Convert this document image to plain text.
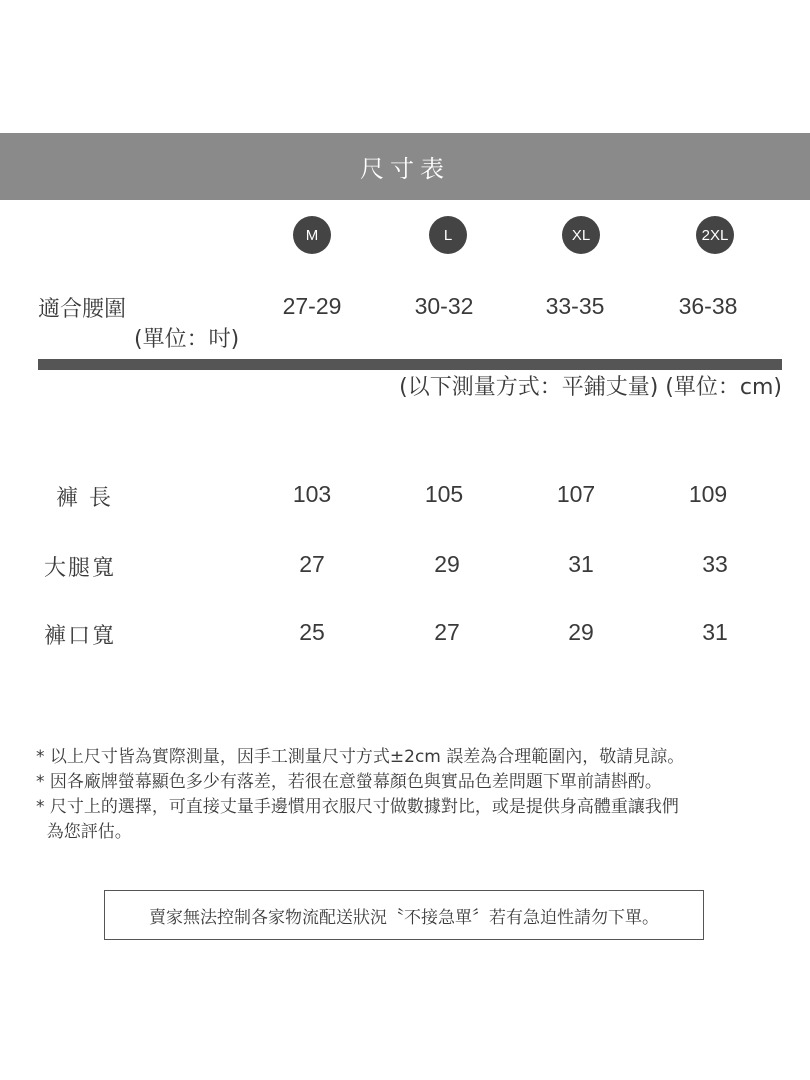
尺寸表
M	L	XL	2XL
適合腰圍
(單位：吋)
27-29	30-32	33-35	36-38
(以下測量方式：平鋪丈量) (單位：cm)
褲 長	103	105	107	109
大腿寬	27	29	31	33
褲口寬	25	27	29	31
* 以上尺寸皆為實際測量，因手工測量尺寸方式±2cm 誤差為合理範圍內，敬請見諒。
* 因各廠牌螢幕顯色多少有落差，若很在意螢幕顏色與實品色差問題下單前請斟酌。
* 尺寸上的選擇，可直接丈量手邊慣用衣服尺寸做數據對比，或是提供身高體重讓我們
為您評估。
賣家無法控制各家物流配送狀況〝不接急單〞若有急迫性請勿下單。
